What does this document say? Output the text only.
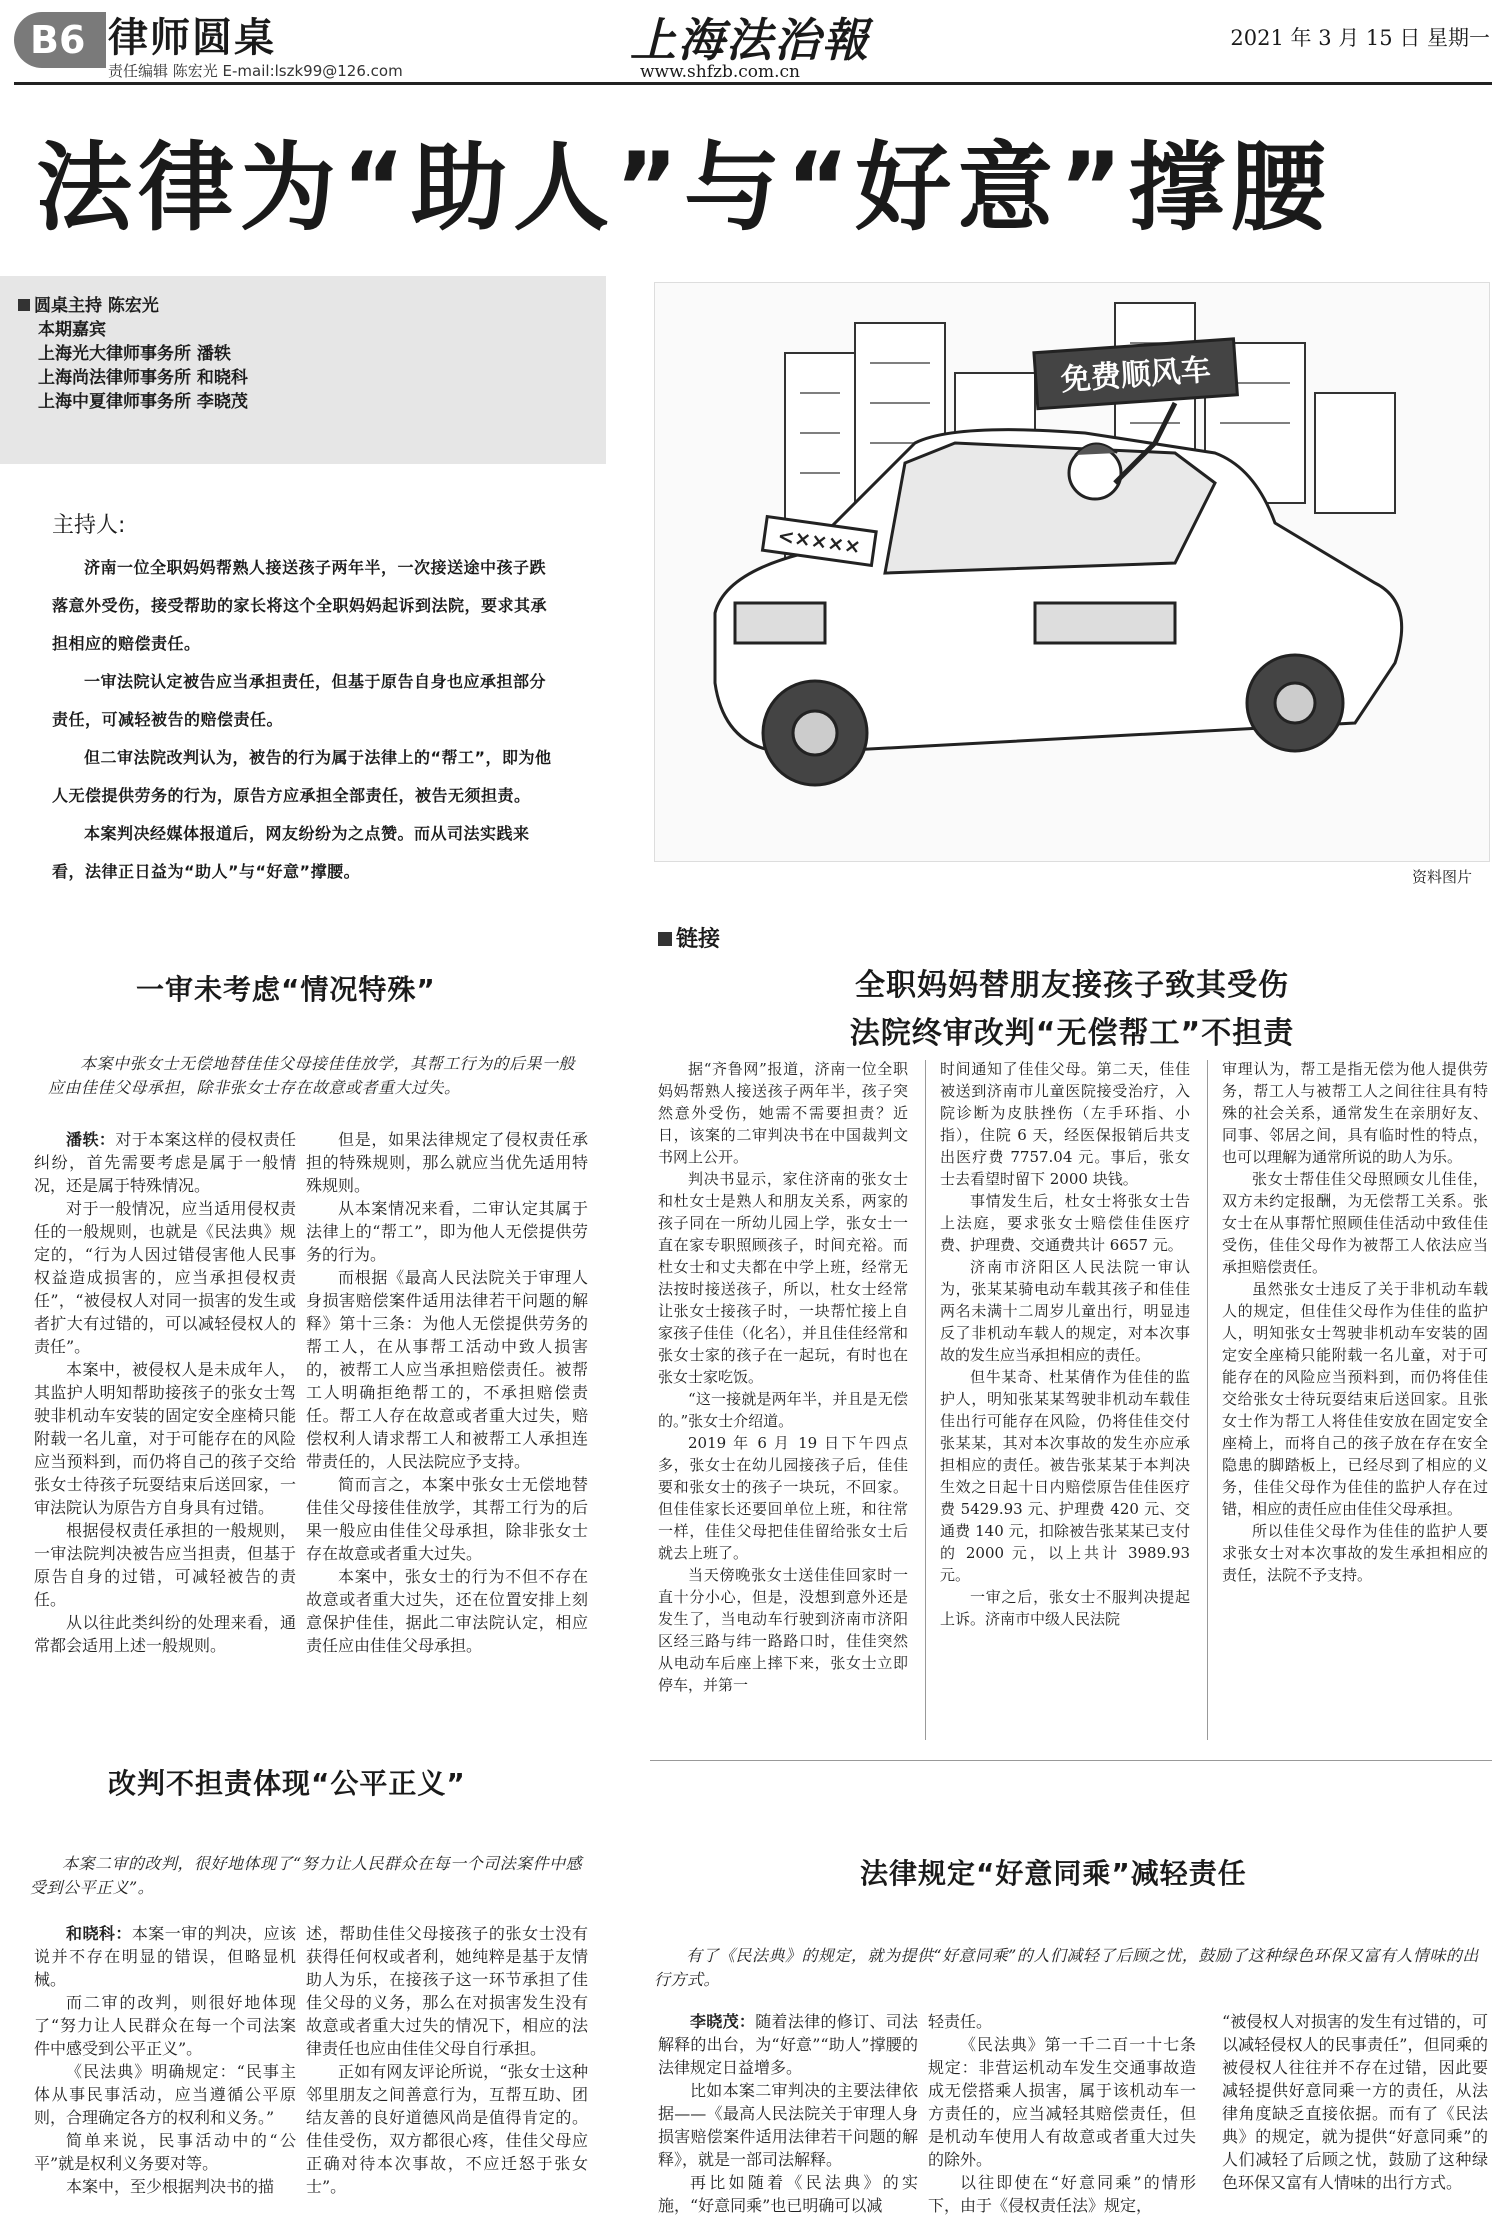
B6 律师圆桌
责任编辑 陈宏光 E-mail:lszk99@126.com
上海法治報
www.shfzb.com.cn
2021 年 3 月 15 日 星期一
法律为“助人”与“好意”撑腰

圆桌主持 陈宏光

本期嘉宾

上海光大律师事务所 潘轶

上海尚法律师事务所 和晓科

上海中夏律师事务所 李晓茂

主持人:

济南一位全职妈妈帮熟人接送孩子两年半，一次接送途中孩子跌落意外受伤，接受帮助的家长将这个全职妈妈起诉到法院，要求其承担相应的赔偿责任。

一审法院认定被告应当承担责任，但基于原告自身也应承担部分责任，可减轻被告的赔偿责任。

但二审法院改判认为，被告的行为属于法律上的“帮工”，即为他人无偿提供劳务的行为，原告方应承担全部责任，被告无须担责。

本案判决经媒体报道后，网友纷纷为之点赞。而从司法实践来看，法律正日益为“助人”与“好意”撑腰。

一审未考虑“情况特殊”
本案中张女士无偿地替佳佳父母接佳佳放学，其帮工行为的后果一般应由佳佳父母承担，除非张女士存在故意或者重大过失。

潘轶：对于本案这样的侵权责任纠纷，首先需要考虑是属于一般情况，还是属于特殊情况。

对于一般情况，应当适用侵权责任的一般规则，也就是《民法典》规定的，“行为人因过错侵害他人民事权益造成损害的，应当承担侵权责任”，“被侵权人对同一损害的发生或者扩大有过错的，可以减轻侵权人的责任”。

本案中，被侵权人是未成年人，其监护人明知帮助接孩子的张女士驾驶非机动车安装的固定安全座椅只能附载一名儿童，对于可能存在的风险应当预料到，而仍将自己的孩子交给张女士待孩子玩耍结束后送回家，一审法院认为原告方自身具有过错。

根据侵权责任承担的一般规则，一审法院判决被告应当担责，但基于原告自身的过错，可减轻被告的责任。

从以往此类纠纷的处理来看，通常都会适用上述一般规则。

但是，如果法律规定了侵权责任承担的特殊规则，那么就应当优先适用特殊规则。

从本案情况来看，二审认定其属于法律上的“帮工”，即为他人无偿提供劳务的行为。

而根据《最高人民法院关于审理人身损害赔偿案件适用法律若干问题的解释》第十三条：为他人无偿提供劳务的帮工人，在从事帮工活动中致人损害的，被帮工人应当承担赔偿责任。被帮工人明确拒绝帮工的，不承担赔偿责任。帮工人存在故意或者重大过失，赔偿权利人请求帮工人和被帮工人承担连带责任的，人民法院应予支持。

简而言之，本案中张女士无偿地替佳佳父母接佳佳放学，其帮工行为的后果一般应由佳佳父母承担，除非张女士存在故意或者重大过失。

本案中，张女士的行为不但不存在故意或者重大过失，还在位置安排上刻意保护佳佳，据此二审法院认定，相应责任应由佳佳父母承担。

改判不担责体现“公平正义”
本案二审的改判，很好地体现了“努力让人民群众在每一个司法案件中感受到公平正义”。

和晓科：本案一审的判决，应该说并不存在明显的错误，但略显机械。

而二审的改判，则很好地体现了“努力让人民群众在每一个司法案件中感受到公平正义”。

《民法典》明确规定：“民事主体从事民事活动，应当遵循公平原则，合理确定各方的权利和义务。”

简单来说，民事活动中的“公平”就是权利义务要对等。

本案中，至少根据判决书的描

述，帮助佳佳父母接孩子的张女士没有获得任何权或者利，她纯粹是基于友情助人为乐，在接孩子这一环节承担了佳佳父母的义务，那么在对损害发生没有故意或者重大过失的情况下，相应的法律责任也应由佳佳父母自行承担。

正如有网友评论所说，“张女士这种邻里朋友之间善意行为，互帮互助、团结友善的良好道德风尚是值得肯定的。佳佳受伤，双方都很心疼，佳佳父母应正确对待本次事故，不应迁怒于张女士”。

<××××
免费顺风车
资料图片
链接
全职妈妈替朋友接孩子致其受伤
法院终审改判“无偿帮工”不担责

据“齐鲁网”报道，济南一位全职妈妈帮熟人接送孩子两年半，孩子突然意外受伤，她需不需要担责？近日，该案的二审判决书在中国裁判文书网上公开。

判决书显示，家住济南的张女士和杜女士是熟人和朋友关系，两家的孩子同在一所幼儿园上学，张女士一直在家专职照顾孩子，时间充裕。而杜女士和丈夫都在中学上班，经常无法按时接送孩子，所以，杜女士经常让张女士接孩子时，一块帮忙接上自家孩子佳佳（化名），并且佳佳经常和张女士家的孩子在一起玩，有时也在张女士家吃饭。

“这一接就是两年半，并且是无偿的。”张女士介绍道。

2019 年 6 月 19 日下午四点多，张女士在幼儿园接孩子后，佳佳要和张女士的孩子一块玩，不回家。但佳佳家长还要回单位上班，和往常一样，佳佳父母把佳佳留给张女士后就去上班了。

当天傍晚张女士送佳佳回家时一直十分小心，但是，没想到意外还是发生了，当电动车行驶到济南市济阳区经三路与纬一路路口时，佳佳突然从电动车后座上摔下来，张女士立即停车，并第一

时间通知了佳佳父母。第二天，佳佳被送到济南市儿童医院接受治疗，入院诊断为皮肤挫伤（左手环指、小指），住院 6 天，经医保报销后共支出医疗费 7757.04 元。事后，张女士去看望时留下 2000 块钱。

事情发生后，杜女士将张女士告上法庭，要求张女士赔偿佳佳医疗费、护理费、交通费共计 6657 元。

济南市济阳区人民法院一审认为，张某某骑电动车载其孩子和佳佳两名未满十二周岁儿童出行，明显违反了非机动车载人的规定，对本次事故的发生应当承担相应的责任。

但牛某奇、杜某倩作为佳佳的监护人，明知张某某驾驶非机动车载佳佳出行可能存在风险，仍将佳佳交付张某某，其对本次事故的发生亦应承担相应的责任。被告张某某于本判决生效之日起十日内赔偿原告佳佳医疗费 5429.93 元、护理费 420 元、交通费 140 元，扣除被告张某某已支付的 2000 元，以上共计 3989.93 元。

一审之后，张女士不服判决提起上诉。济南市中级人民法院

审理认为，帮工是指无偿为他人提供劳务，帮工人与被帮工人之间往往具有特殊的社会关系，通常发生在亲朋好友、同事、邻居之间，具有临时性的特点，也可以理解为通常所说的助人为乐。

张女士帮佳佳父母照顾女儿佳佳，双方未约定报酬，为无偿帮工关系。张女士在从事帮忙照顾佳佳活动中致佳佳受伤，佳佳父母作为被帮工人依法应当承担赔偿责任。

虽然张女士违反了关于非机动车载人的规定，但佳佳父母作为佳佳的监护人，明知张女士驾驶非机动车安装的固定安全座椅只能附载一名儿童，对于可能存在的风险应当预料到，而仍将佳佳交给张女士待玩耍结束后送回家。且张女士作为帮工人将佳佳安放在固定安全座椅上，而将自己的孩子放在存在安全隐患的脚踏板上，已经尽到了相应的义务，佳佳父母作为佳佳的监护人存在过错，相应的责任应由佳佳父母承担。

所以佳佳父母作为佳佳的监护人要求张女士对本次事故的发生承担相应的责任，法院不予支持。

法律规定“好意同乘”减轻责任
有了《民法典》的规定，就为提供“好意同乘”的人们减轻了后顾之忧，鼓励了这种绿色环保又富有人情味的出行方式。

李晓茂：随着法律的修订、司法解释的出台，为“好意”“助人”撑腰的法律规定日益增多。

比如本案二审判决的主要法律依据——《最高人民法院关于审理人身损害赔偿案件适用法律若干问题的解释》，就是一部司法解释。

再比如随着《民法典》的实施，“好意同乘”也已明确可以减

轻责任。

《民法典》第一千二百一十七条规定：非营运机动车发生交通事故造成无偿搭乘人损害，属于该机动车一方责任的，应当减轻其赔偿责任，但是机动车使用人有故意或者重大过失的除外。

以往即使在“好意同乘”的情形下，由于《侵权责任法》规定，

“被侵权人对损害的发生有过错的，可以减轻侵权人的民事责任”，但同乘的被侵权人往往并不存在过错，因此要减轻提供好意同乘一方的责任，从法律角度缺乏直接依据。而有了《民法典》的规定，就为提供“好意同乘”的人们减轻了后顾之忧，鼓励了这种绿色环保又富有人情味的出行方式。
